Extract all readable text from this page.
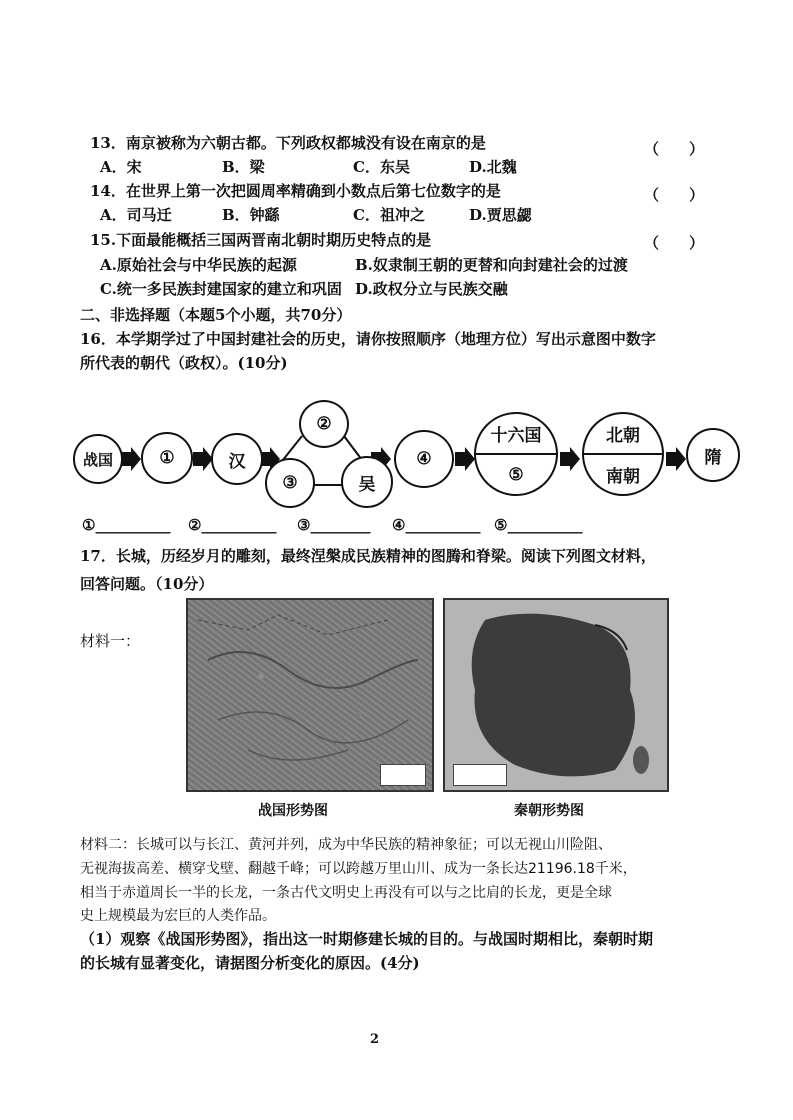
13．南京被称为六朝古都。下列政权都城没有设在南京的是	（　　）
A．宋	B．梁	C．东吴	D.北魏
14．在世界上第一次把圆周率精确到小数点后第七位数字的是	（　　）
A．司马迁	B．钟繇	C．祖冲之	D.贾思勰
15.下面最能概括三国两晋南北朝时期历史特点的是	（　　）
A.原始社会与中华民族的起源	B.奴隶制王朝的更替和向封建社会的过渡
C.统一多民族封建国家的建立和巩固 D.政权分立与民族交融
二、非选择题（本题5个小题，共70分）
16．本学期学过了中国封建社会的历史，请你按照顺序（地理方位）写出示意图中数字
所代表的朝代（政权）。(10分)
战国	①	汉
②
③	吴
④
十六国
⑤
北朝
南朝
隋
①__________ ②__________ ③________ ④__________ ⑤__________
17．长城，历经岁月的雕刻，最终涅槃成民族精神的图腾和脊梁。阅读下列图文材料，
回答问题。（10分）
材料一：
战国形势图	秦朝形势图
材料二：长城可以与长江、黄河并列，成为中华民族的精神象征；可以无视山川险阻、
无视海拔高差、横穿戈壁、翻越千峰；可以跨越万里山川、成为一条长达21196.18千米，
相当于赤道周长一半的长龙，一条古代文明史上再没有可以与之比肩的长龙，更是全球
史上规模最为宏巨的人类作品。
（1）观察《战国形势图》，指出这一时期修建长城的目的。与战国时期相比，秦朝时期
的长城有显著变化，请据图分析变化的原因。(4分)
2
